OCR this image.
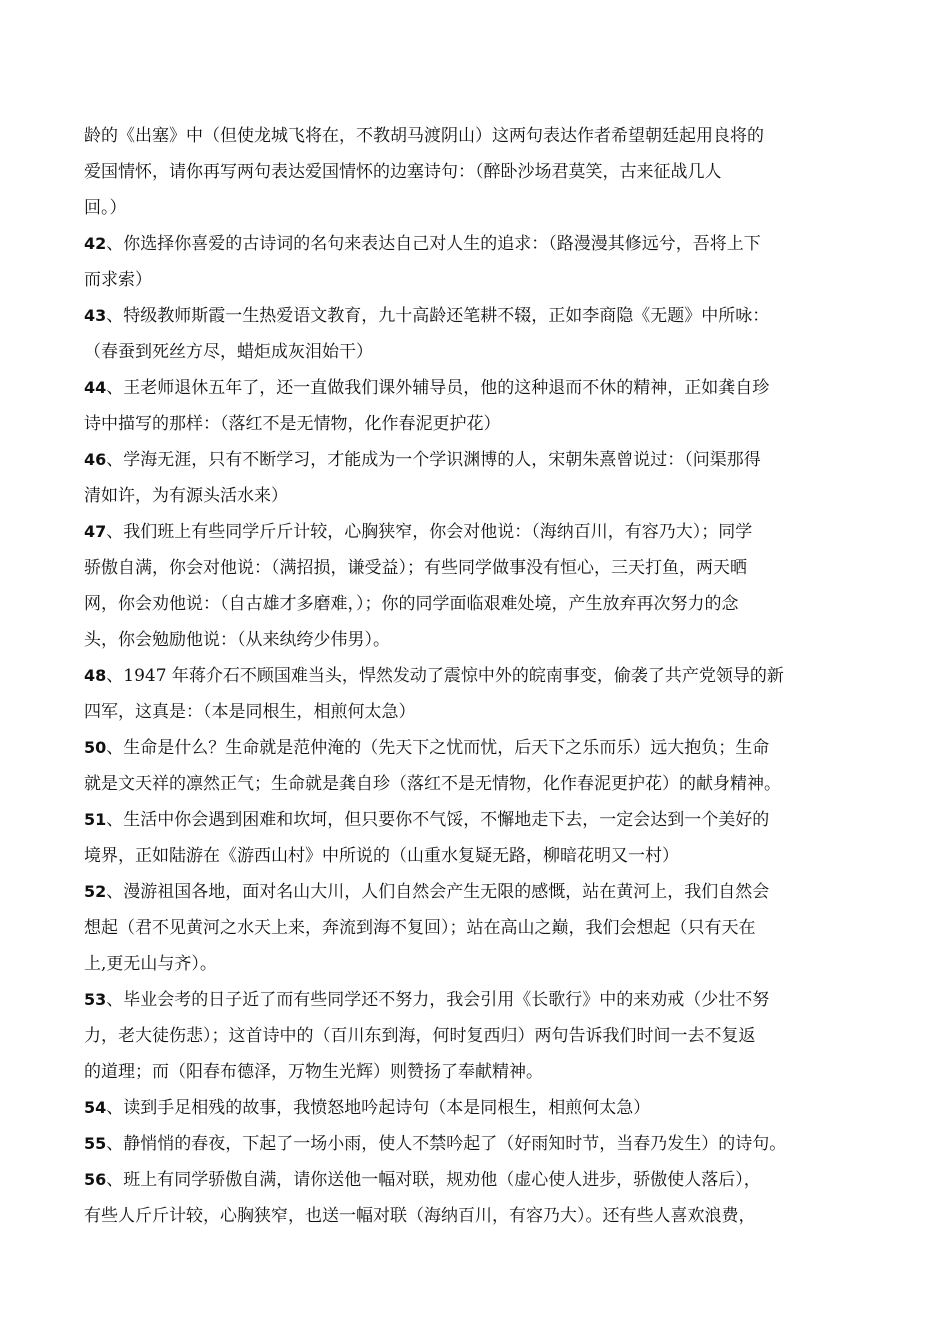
龄的《出塞》中（但使龙城飞将在，不教胡马渡阴山）这两句表达作者希望朝廷起用良将的
爱国情怀，请你再写两句表达爱国情怀的边塞诗句：（醉卧沙场君莫笑，古来征战几人
回。）
42、你选择你喜爱的古诗词的名句来表达自己对人生的追求：（路漫漫其修远兮，吾将上下
而求索）
43、特级教师斯霞一生热爱语文教育，九十高龄还笔耕不辍，正如李商隐《无题》中所咏：
（春蚕到死丝方尽，蜡炬成灰泪始干）
44、王老师退休五年了，还一直做我们课外辅导员，他的这种退而不休的精神，正如龚自珍
诗中描写的那样：（落红不是无情物，化作春泥更护花）
46、学海无涯，只有不断学习，才能成为一个学识渊博的人，宋朝朱熹曾说过：（问渠那得
清如许，为有源头活水来）
47、我们班上有些同学斤斤计较，心胸狭窄，你会对他说：（海纳百川，有容乃大）；同学
骄傲自满，你会对他说：（满招损，谦受益）；有些同学做事没有恒心，三天打鱼，两天晒
网，你会劝他说：（自古雄才多磨难，）；你的同学面临艰难处境，产生放弃再次努力的念
头，你会勉励他说：（从来纨绔少伟男）。
48、1947 年蒋介石不顾国难当头，悍然发动了震惊中外的皖南事变，偷袭了共产党领导的新
四军，这真是：（本是同根生，相煎何太急）
50、生命是什么？生命就是范仲淹的（先天下之忧而忧，后天下之乐而乐）远大抱负；生命
就是文天祥的凛然正气；生命就是龚自珍（落红不是无情物，化作春泥更护花）的献身精神。
51、生活中你会遇到困难和坎坷，但只要你不气馁，不懈地走下去，一定会达到一个美好的
境界，正如陆游在《游西山村》中所说的（山重水复疑无路，柳暗花明又一村）
52、漫游祖国各地，面对名山大川，人们自然会产生无限的感慨，站在黄河上，我们自然会
想起（君不见黄河之水天上来，奔流到海不复回）；站在高山之巅，我们会想起（只有天在
上,更无山与齐）。
53、毕业会考的日子近了而有些同学还不努力，我会引用《长歌行》中的来劝戒（少壮不努
力，老大徒伤悲）；这首诗中的（百川东到海，何时复西归）两句告诉我们时间一去不复返
的道理；而（阳春布德泽，万物生光辉）则赞扬了奉献精神。
54、读到手足相残的故事，我愤怒地吟起诗句（本是同根生，相煎何太急）
55、静悄悄的春夜，下起了一场小雨，使人不禁吟起了（好雨知时节，当春乃发生）的诗句。
56、班上有同学骄傲自满，请你送他一幅对联，规劝他（虚心使人进步，骄傲使人落后），
有些人斤斤计较，心胸狭窄，也送一幅对联（海纳百川，有容乃大）。还有些人喜欢浪费，
